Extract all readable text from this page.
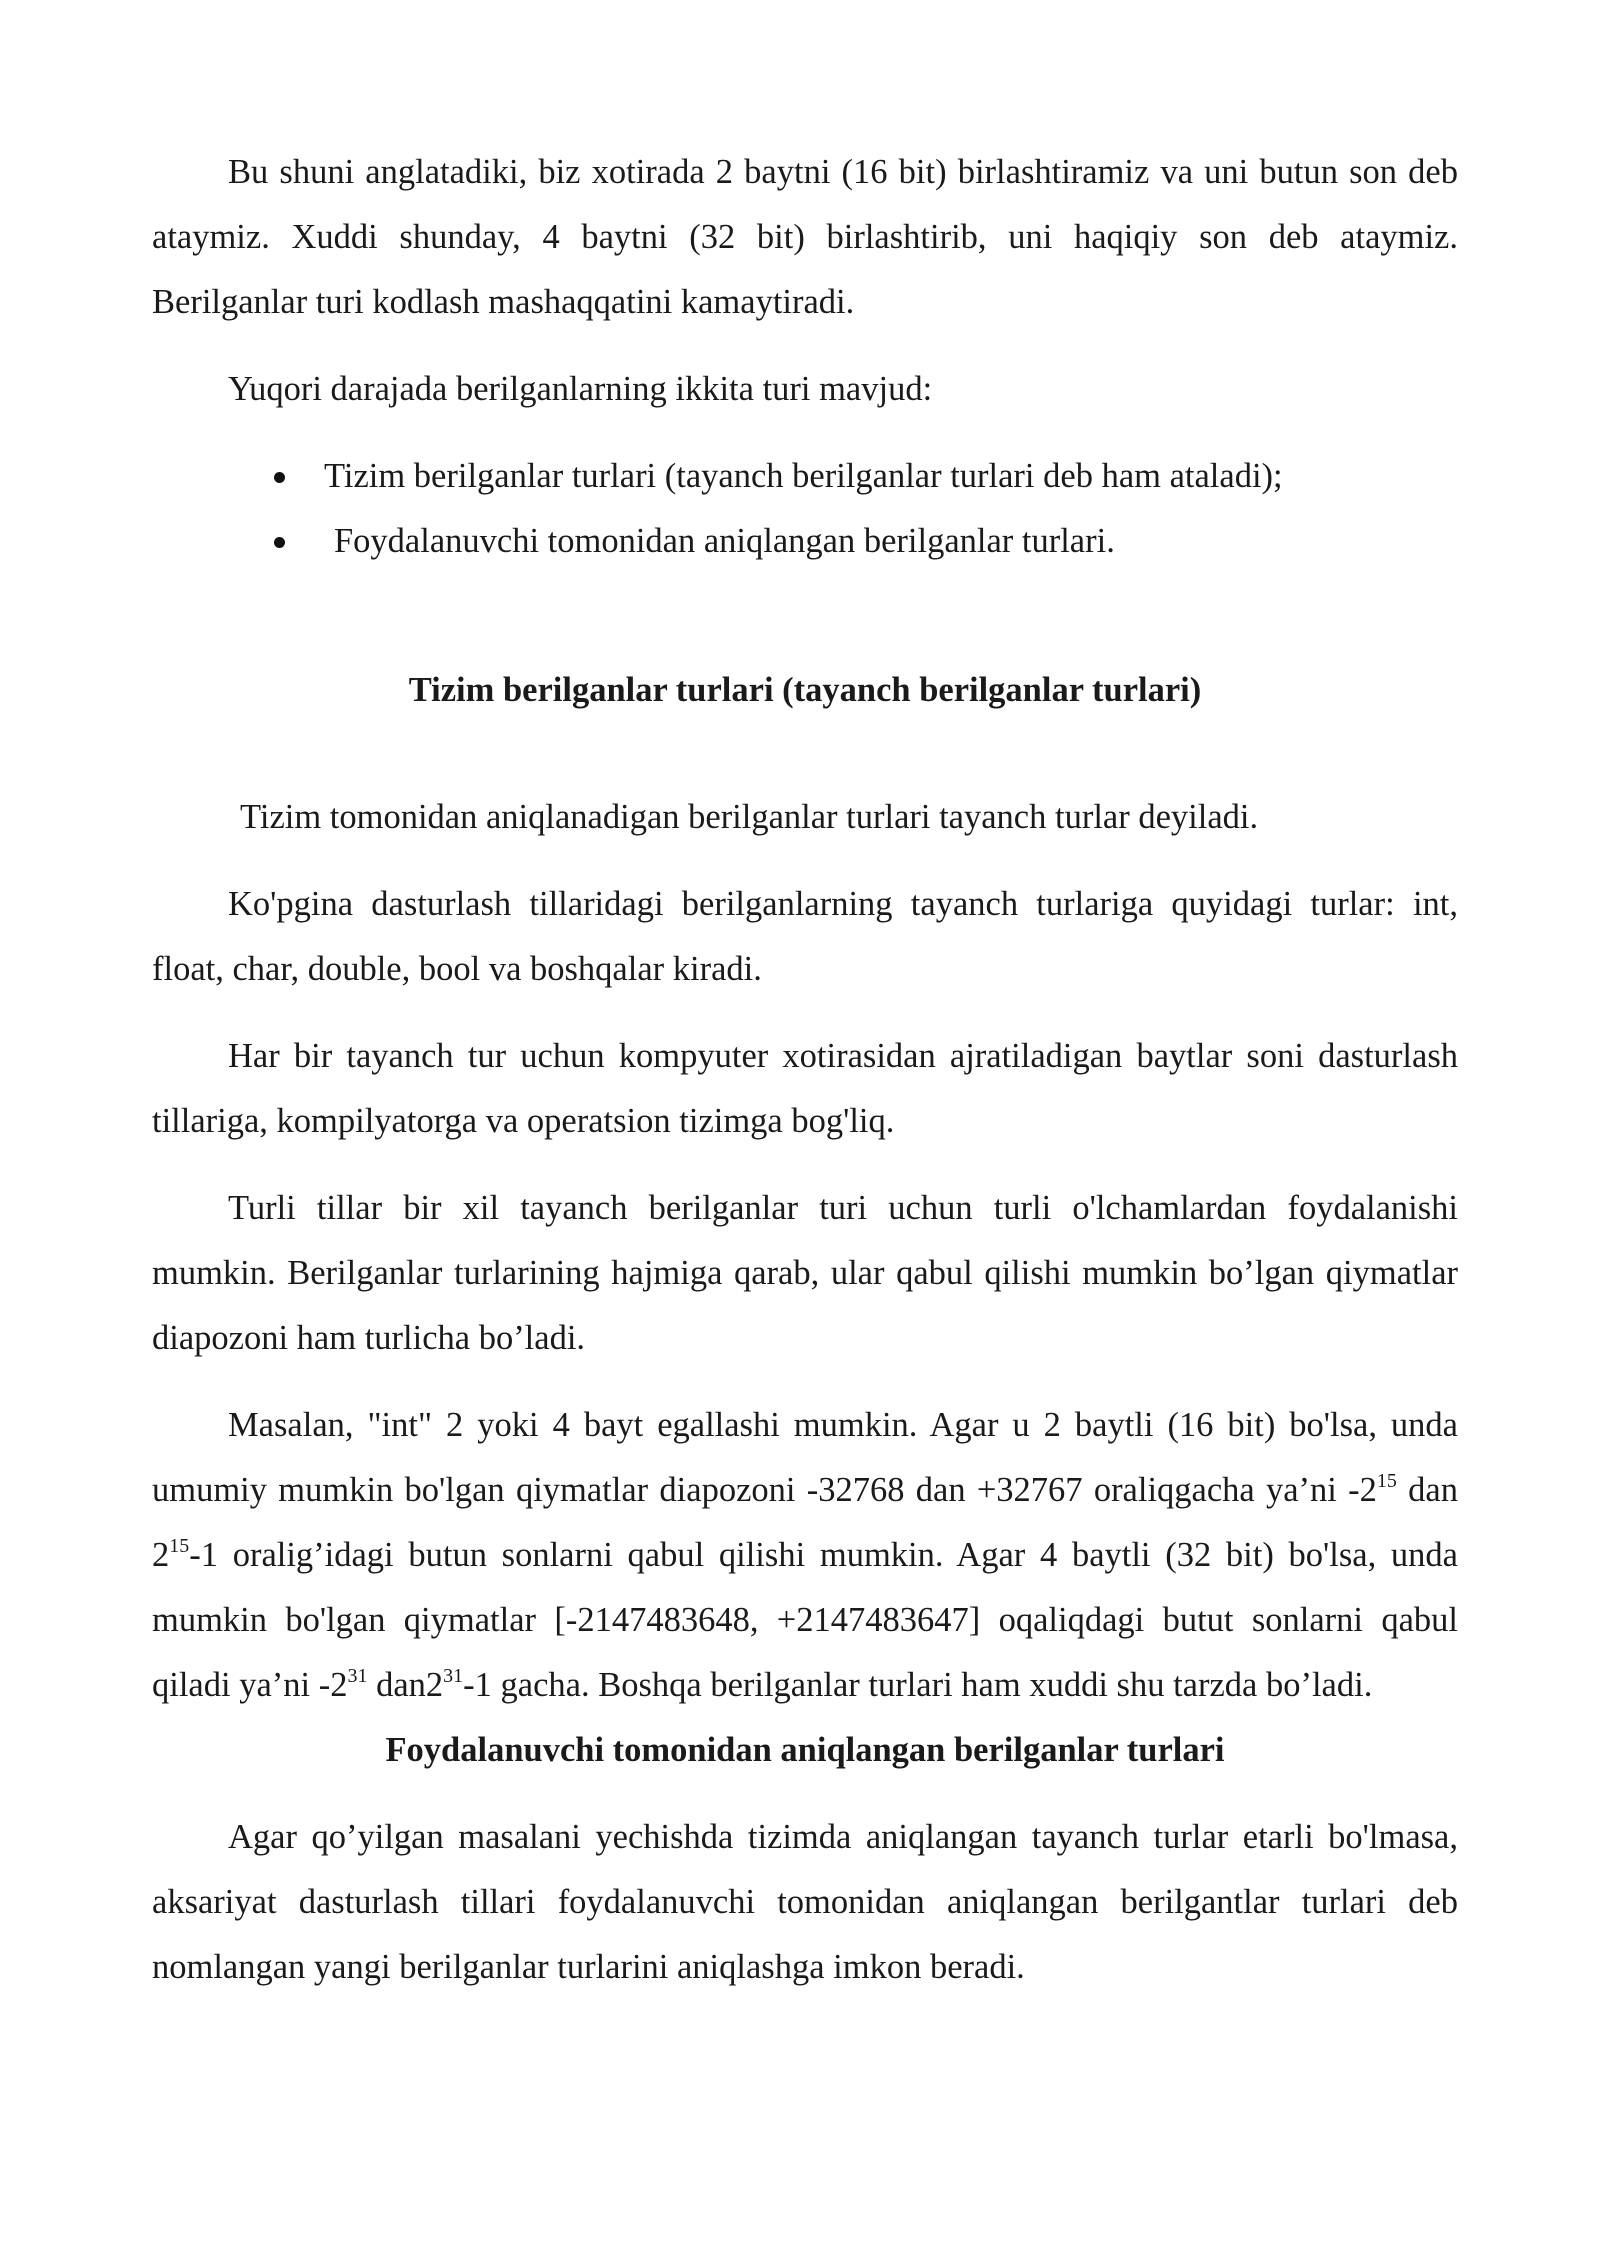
Bu shuni anglatadiki, biz xotirada 2 baytni (16 bit) birlashtiramiz va uni butun son deb ataymiz. Xuddi shunday, 4 baytni (32 bit) birlashtirib, uni haqiqiy son deb ataymiz. Berilganlar turi kodlash mashaqqatini kamaytiradi.

Yuqori darajada berilganlarning ikkita turi mavjud:

Tizim berilganlar turlari (tayanch berilganlar turlari deb ham ataladi);
Foydalanuvchi tomonidan aniqlangan berilganlar turlari.
Tizim berilganlar turlari (tayanch berilganlar turlari)

Tizim tomonidan aniqlanadigan berilganlar turlari tayanch turlar deyiladi.

Ko'pgina dasturlash tillaridagi berilganlarning tayanch turlariga quyidagi turlar: int, float, char, double, bool va boshqalar kiradi.

Har bir tayanch tur uchun kompyuter xotirasidan ajratiladigan baytlar soni dasturlash tillariga, kompilyatorga va operatsion tizimga bog'liq.

Turli tillar bir xil tayanch berilganlar turi uchun turli o'lchamlardan foydalanishi mumkin. Berilganlar turlarining hajmiga qarab, ular qabul qilishi mumkin bo’lgan qiymatlar diapozoni ham turlicha bo’ladi.

Masalan, "int" 2 yoki 4 bayt egallashi mumkin. Agar u 2 baytli (16 bit) bo'lsa, unda umumiy mumkin bo'lgan qiymatlar diapozoni -32768 dan +32767 oraliqgacha ya’ni $-2^{15}$ dan $2^{15}-1$ oralig’idagi butun sonlarni qabul qilishi mumkin. Agar 4 baytli (32 bit) bo'lsa, unda mumkin bo'lgan qiymatlar [-2147483648, +2147483647] oqaliqdagi butut sonlarni qabul qiladi ya’ni $-2^{31}$ $dan2^{31}-1$ gacha. Boshqa berilganlar turlari ham xuddi shu tarzda bo’ladi.

Foydalanuvchi tomonidan aniqlangan berilganlar turlari

Agar qo’yilgan masalani yechishda tizimda aniqlangan tayanch turlar etarli bo'lmasa, aksariyat dasturlash tillari foydalanuvchi tomonidan aniqlangan berilgantlar turlari deb nomlangan yangi berilganlar turlarini aniqlashga imkon beradi.
